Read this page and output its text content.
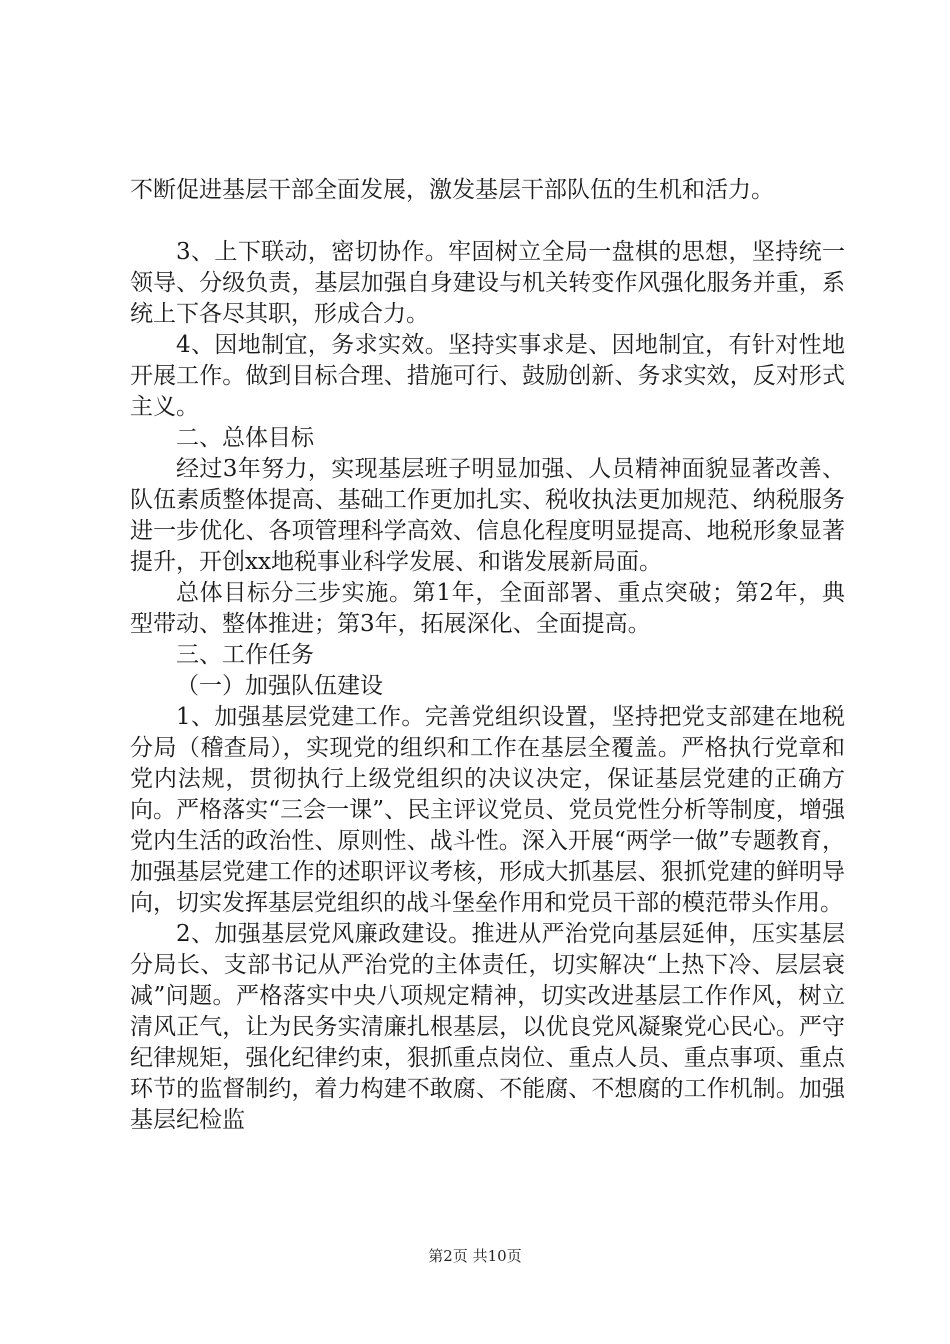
不断促进基层干部全面发展，激发基层干部队伍的生机和活力。

3、上下联动，密切协作。牢固树立全局一盘棋的思想，坚持统一领导、分级负责，基层加强自身建设与机关转变作风强化服务并重，系统上下各尽其职，形成合力。

4、因地制宜，务求实效。坚持实事求是、因地制宜，有针对性地开展工作。做到目标合理、措施可行、鼓励创新、务求实效，反对形式主义。

二、总体目标

经过3年努力，实现基层班子明显加强、人员精神面貌显著改善、队伍素质整体提高、基础工作更加扎实、税收执法更加规范、纳税服务进一步优化、各项管理科学高效、信息化程度明显提高、地税形象显著提升，开创xx地税事业科学发展、和谐发展新局面。

总体目标分三步实施。第1年，全面部署、重点突破；第2年，典型带动、整体推进；第3年，拓展深化、全面提高。

三、工作任务

（一）加强队伍建设

1、加强基层党建工作。完善党组织设置，坚持把党支部建在地税分局（稽查局），实现党的组织和工作在基层全覆盖。严格执行党章和党内法规，贯彻执行上级党组织的决议决定，保证基层党建的正确方向。严格落实“三会一课”、民主评议党员、党员党性分析等制度，增强党内生活的政治性、原则性、战斗性。深入开展“两学一做”专题教育，加强基层党建工作的述职评议考核，形成大抓基层、狠抓党建的鲜明导向，切实发挥基层党组织的战斗堡垒作用和党员干部的模范带头作用。

2、加强基层党风廉政建设。推进从严治党向基层延伸，压实基层分局长、支部书记从严治党的主体责任，切实解决“上热下冷、层层衰减”问题。严格落实中央八项规定精神，切实改进基层工作作风，树立清风正气，让为民务实清廉扎根基层，以优良党风凝聚党心民心。严守纪律规矩，强化纪律约束，狠抓重点岗位、重点人员、重点事项、重点环节的监督制约，着力构建不敢腐、不能腐、不想腐的工作机制。加强基层纪检监

第2页 共10页
